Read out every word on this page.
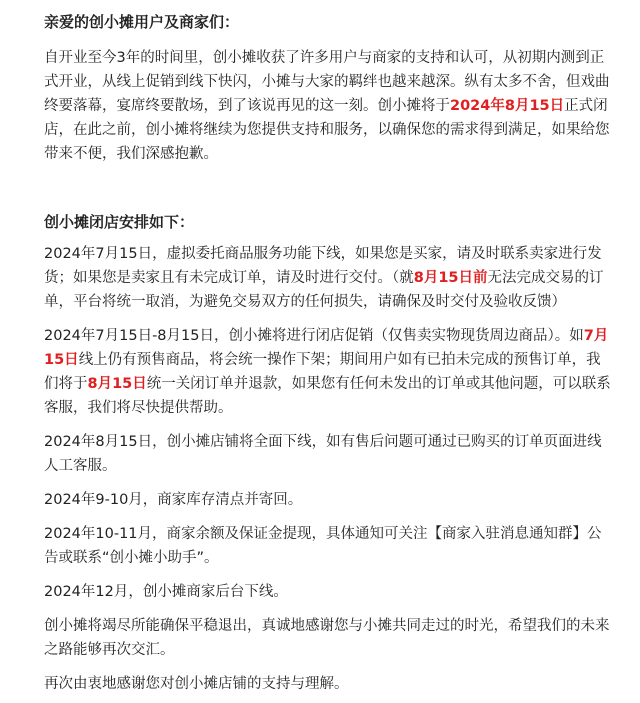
亲爱的创小摊用户及商家们：

自开业至今3年的时间里，创小摊收获了许多用户与商家的支持和认可，从初期内测到正式开业，从线上促销到线下快闪，小摊与大家的羁绊也越来越深。纵有太多不舍，但戏曲终要落幕，宴席终要散场，到了该说再见的这一刻。创小摊将于2024年8月15日正式闭店，在此之前，创小摊将继续为您提供支持和服务，以确保您的需求得到满足，如果给您带来不便，我们深感抱歉。

创小摊闭店安排如下：

2024年7月15日，虚拟委托商品服务功能下线，如果您是买家，请及时联系卖家进行发货；如果您是卖家且有未完成订单，请及时进行交付。（就8月15日前无法完成交易的订单，平台将统一取消，为避免交易双方的任何损失，请确保及时交付及验收反馈）

2024年7月15日-8月15日，创小摊将进行闭店促销（仅售卖实物现货周边商品）。如7月15日线上仍有预售商品，将会统一操作下架；期间用户如有已拍未完成的预售订单，我们将于8月15日统一关闭订单并退款，如果您有任何未发出的订单或其他问题，可以联系客服，我们将尽快提供帮助。

2024年8月15日，创小摊店铺将全面下线，如有售后问题可通过已购买的订单页面进线人工客服。

2024年9-10月，商家库存清点并寄回。

2024年10-11月，商家余额及保证金提现，具体通知可关注【商家入驻消息通知群】公告或联系“创小摊小助手”。

2024年12月，创小摊商家后台下线。

创小摊将竭尽所能确保平稳退出，真诚地感谢您与小摊共同走过的时光，希望我们的未来之路能够再次交汇。

再次由衷地感谢您对创小摊店铺的支持与理解。
